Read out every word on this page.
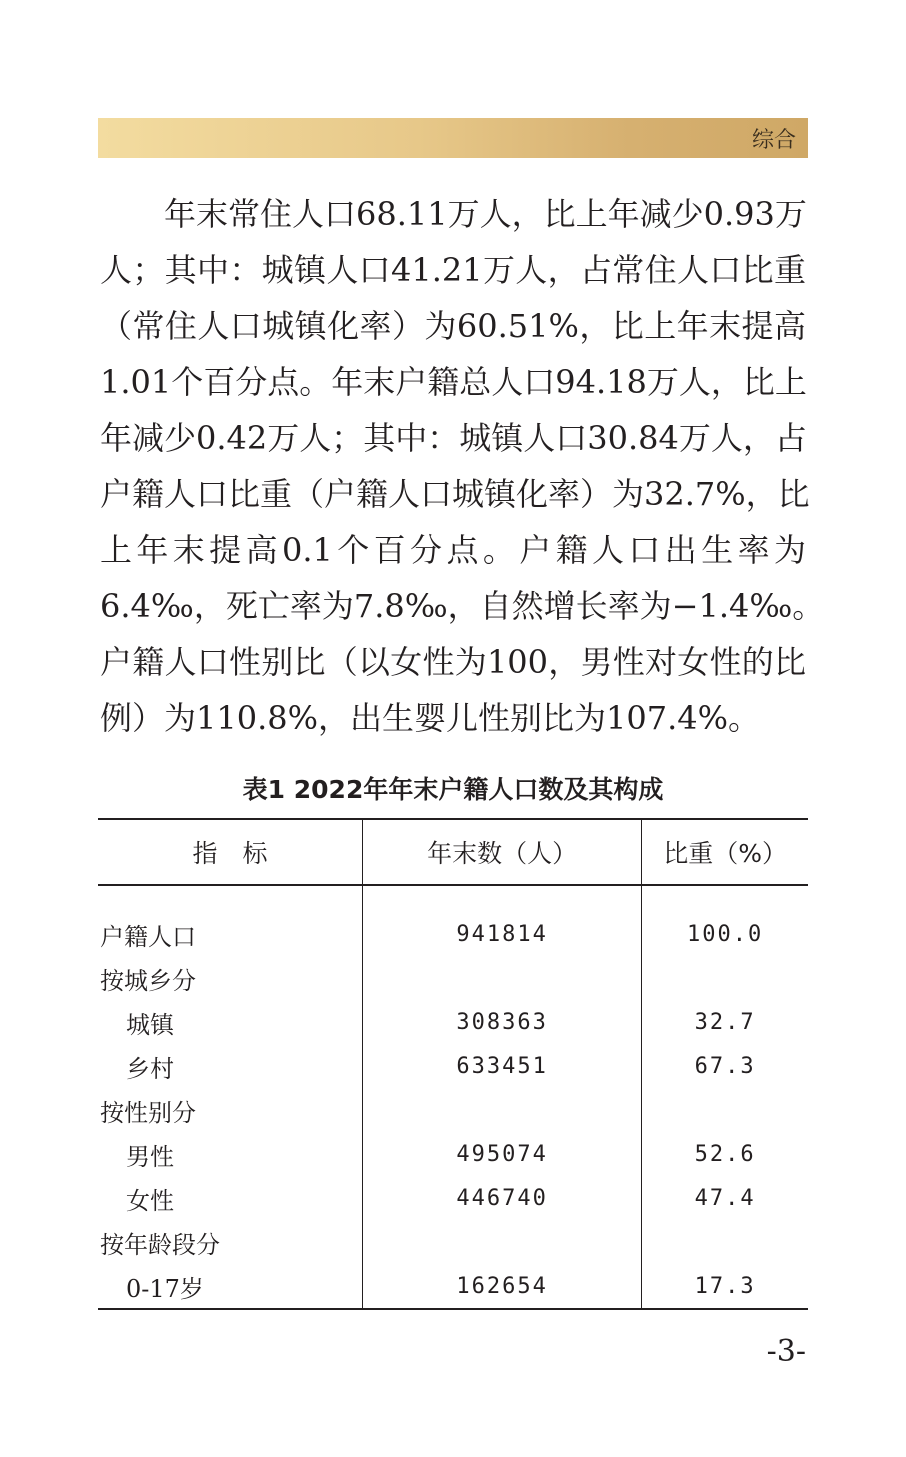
综合
　　年末常住人口68.11万人，比上年减少0.93万
人；其中：城镇人口41.21万人，占常住人口比重
（常住人口城镇化率）为60.51%，比上年末提高
1.01个百分点。年末户籍总人口94.18万人，比上
年减少0.42万人；其中：城镇人口30.84万人，占
户籍人口比重（户籍人口城镇化率）为32.7%，比
上年末提高0.1个百分点。户籍人口出生率为
6.4‰，死亡率为7.8‰，自然增长率为−1.4‰。
户籍人口性别比（以女性为100，男性对女性的比
例）为110.8%，出生婴儿性别比为107.4%。
表1 2022年年末户籍人口数及其构成
指　标	年末数（人）	比重（%）

户籍人口	941814	100.0
按城乡分		
城镇	308363	32.7
乡村	633451	67.3
按性别分		
男性	495074	52.6
女性	446740	47.4
按年龄段分		
0-17岁	162654	17.3
-3-
